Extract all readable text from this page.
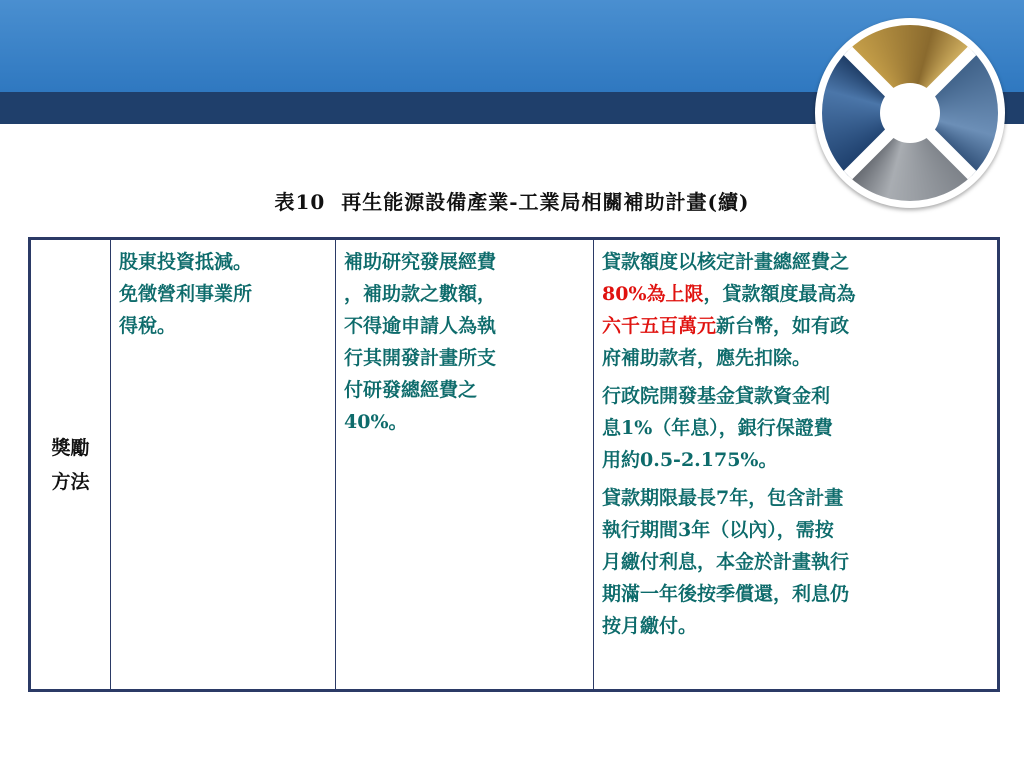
表10  再生能源設備產業-工業局相關補助計畫(續)
獎勵
方法

股東投資抵減。
免徵營利事業所
得稅。

補助研究發展經費
，補助款之數額，
不得逾申請人為執
行其開發計畫所支
付研發總經費之
40%。

貸款額度以核定計畫總經費之
80%為上限，貸款額度最高為
六千五百萬元新台幣，如有政
府補助款者，應先扣除。
行政院開發基金貸款資金利
息1%（年息），銀行保證費
用約0.5-2.175%。
貸款期限最長7年，包含計畫
執行期間3年（以內），需按
月繳付利息，本金於計畫執行
期滿一年後按季償還，利息仍
按月繳付。
